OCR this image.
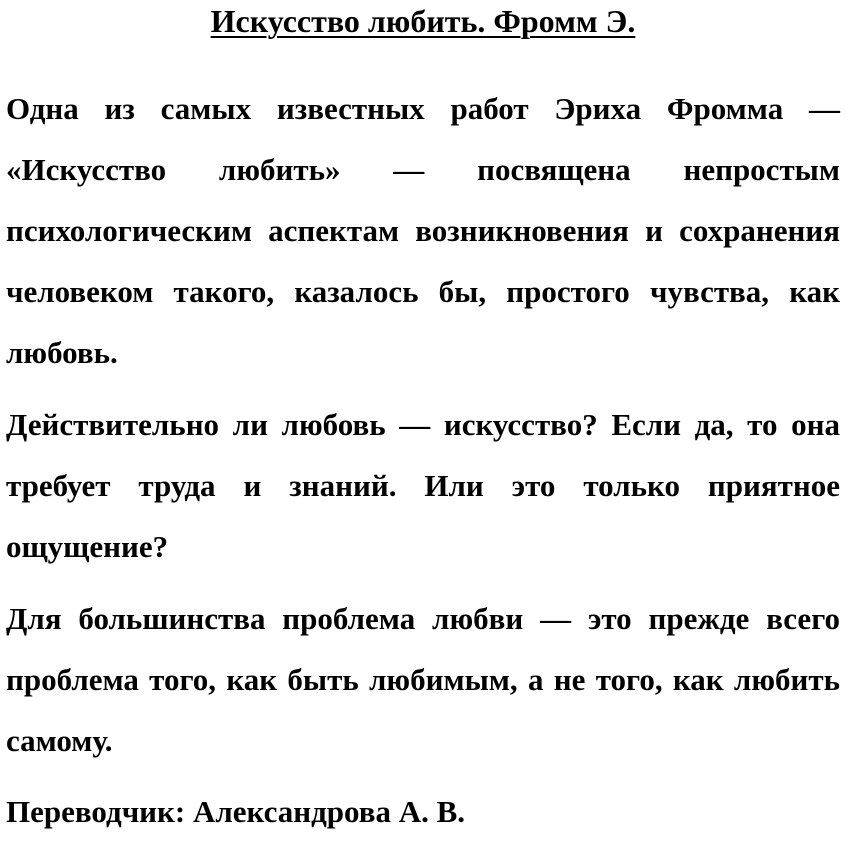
Искусство любить. Фромм Э.

Одна из самых известных работ Эриха Фромма — «Искусство любить» — посвящена непростым психологическим аспектам возникновения и сохранения человеком такого, казалось бы, простого чувства, как любовь.

Действительно ли любовь — искусство? Если да, то она требует труда и знаний. Или это только приятное ощущение?

Для большинства проблема любви — это прежде всего проблема того, как быть любимым, а не того, как любить самому.

Переводчик: Александрова А. В.
